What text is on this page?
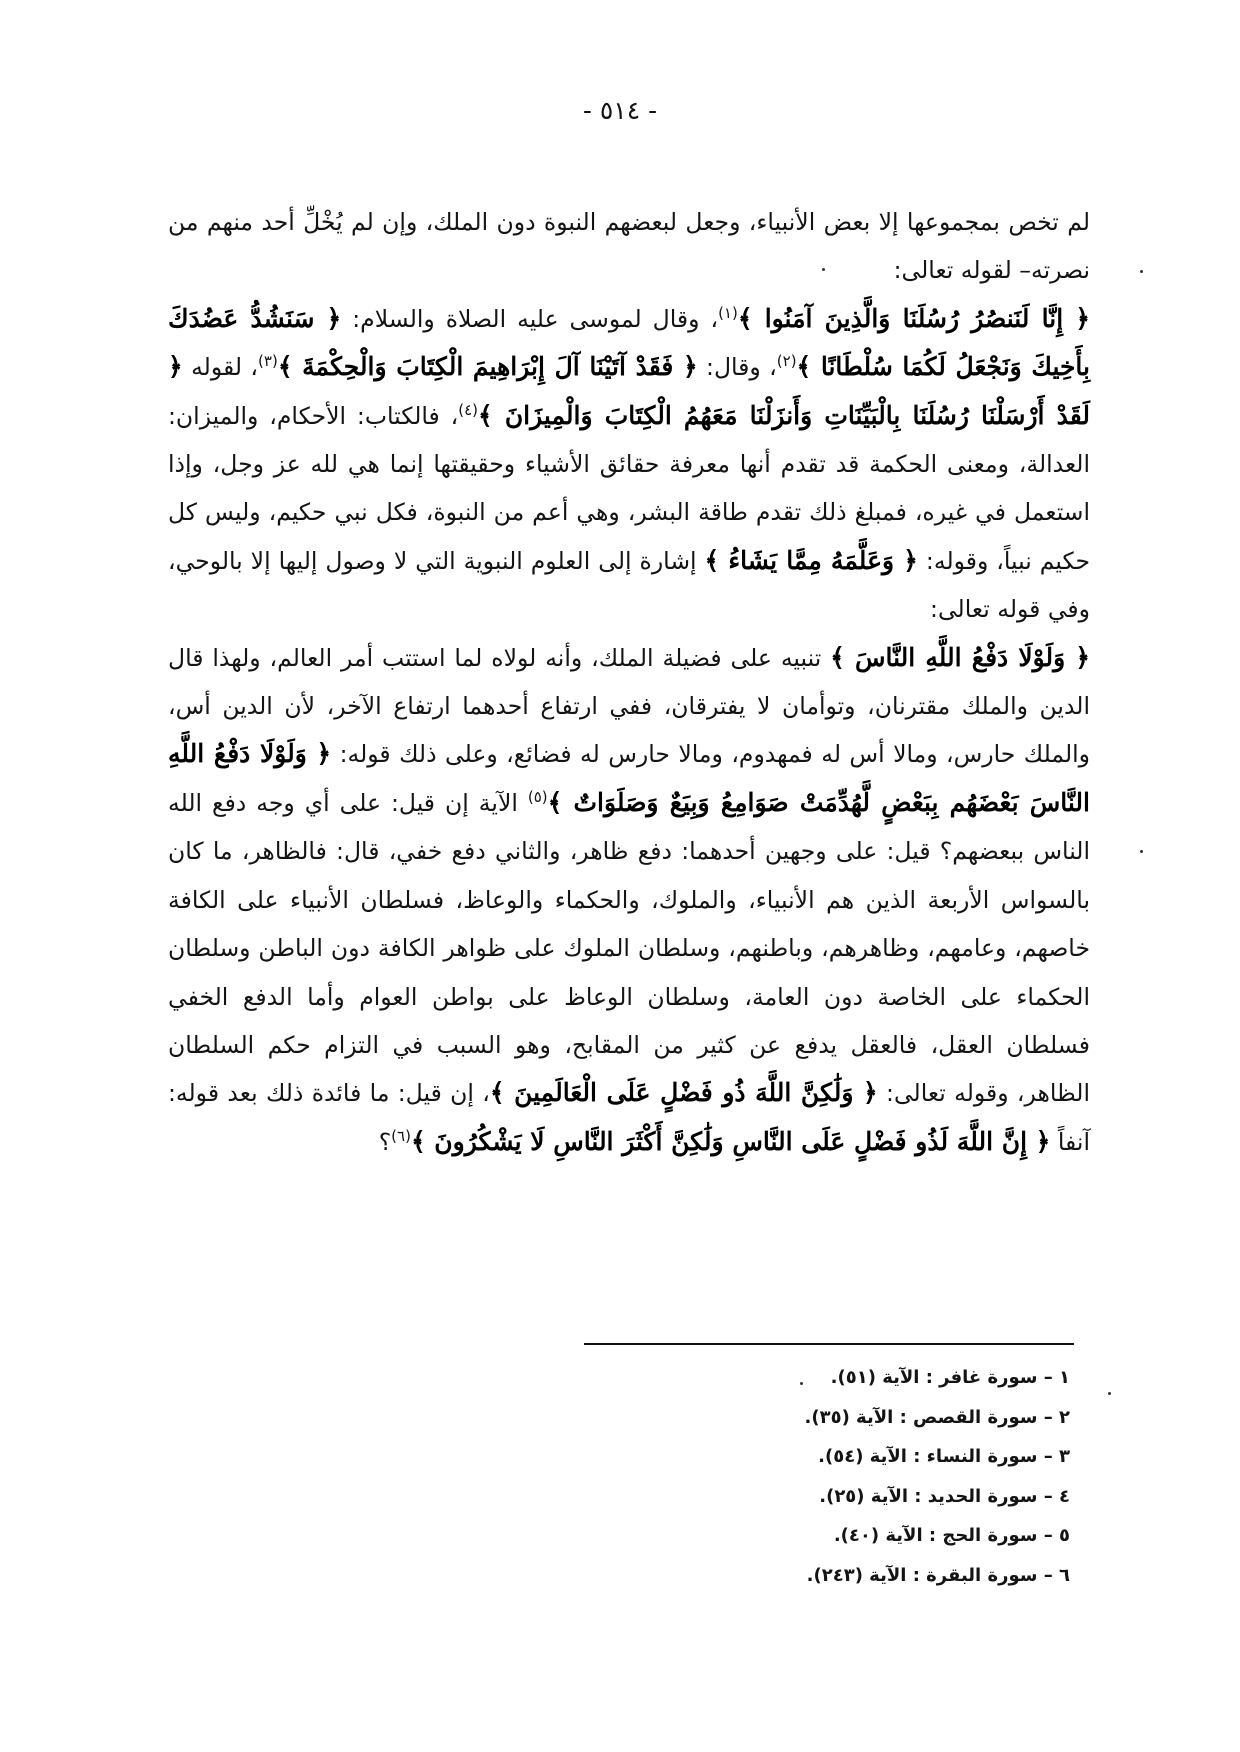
- ٥١٤ -
لم تخص بمجموعها إلا بعض الأنبياء، وجعل لبعضهم النبوة دون الملك، وإن لم يُخْلِّ أحد منهم من نصرته– لقوله تعالى:
﴿ إِنَّا لَنَنصُرُ رُسُلَنَا وَالَّذِينَ آمَنُوا ﴾$^{(١)}$، وقال لموسى عليه الصلاة والسلام: ﴿ سَنَشُدُّ عَضُدَكَ بِأَخِيكَ وَنَجْعَلُ لَكُمَا سُلْطَانًا ﴾$^{(٢)}$، وقال: ﴿ فَقَدْ آتَيْنَا آلَ إِبْرَاهِيمَ الْكِتَابَ وَالْحِكْمَةَ ﴾$^{(٣)}$، لقوله ﴿ لَقَدْ أَرْسَلْنَا رُسُلَنَا بِالْبَيِّنَاتِ وَأَنزَلْنَا مَعَهُمُ الْكِتَابَ وَالْمِيزَانَ ﴾$^{(٤)}$، فالكتاب: الأحكام، والميزان: العدالة، ومعنى الحكمة قد تقدم أنها معرفة حقائق الأشياء وحقيقتها إنما هي لله عز وجل، وإذا استعمل في غيره، فمبلغ ذلك تقدم طاقة البشر، وهي أعم من النبوة، فكل نبي حكيم، وليس كل حكيم نبياً، وقوله: ﴿ وَعَلَّمَهُ مِمَّا يَشَاءُ ﴾ إشارة إلى العلوم النبوية التي لا وصول إليها إلا بالوحي، وفي قوله تعالى:
﴿ وَلَوْلَا دَفْعُ اللَّهِ النَّاسَ ﴾ تنبيه على فضيلة الملك، وأنه لولاه لما استتب أمر العالم، ولهذا قال الدين والملك مقترنان، وتوأمان لا يفترقان، ففي ارتفاع أحدهما ارتفاع الآخر، لأن الدين أس، والملك حارس، ومالا أس له فمهدوم، ومالا حارس له فضائع، وعلى ذلك قوله: ﴿ وَلَوْلَا دَفْعُ اللَّهِ النَّاسَ بَعْضَهُم بِبَعْضٍ لَّهُدِّمَتْ صَوَامِعُ وَبِيَعٌ وَصَلَوَاتٌ ﴾$^{(٥)}$ الآية إن قيل: على أي وجه دفع الله الناس ببعضهم؟ قيل: على وجهين أحدهما: دفع ظاهر، والثاني دفع خفي، قال: فالظاهر، ما كان بالسواس الأربعة الذين هم الأنبياء، والملوك، والحكماء والوعاظ، فسلطان الأنبياء على الكافة خاصهم، وعامهم، وظاهرهم، وباطنهم، وسلطان الملوك على ظواهر الكافة دون الباطن وسلطان الحكماء على الخاصة دون العامة، وسلطان الوعاظ على بواطن العوام وأما الدفع الخفي فسلطان العقل، فالعقل يدفع عن كثير من المقابح، وهو السبب في التزام حكم السلطان الظاهر، وقوله تعالى: ﴿ وَلَٰكِنَّ اللَّهَ ذُو فَضْلٍ عَلَى الْعَالَمِينَ ﴾، إن قيل: ما فائدة ذلك بعد قوله: آنفاً ﴿ إِنَّ اللَّهَ لَذُو فَضْلٍ عَلَى النَّاسِ وَلَٰكِنَّ أَكْثَرَ النَّاسِ لَا يَشْكُرُونَ ﴾$^{(٦)}$؟
١ – سورة غافر : الآية (٥١).
٢ – سورة القصص : الآية (٣٥).
٣ – سورة النساء : الآية (٥٤).
٤ – سورة الحديد : الآية (٢٥).
٥ – سورة الحج : الآية (٤٠).
٦ – سورة البقرة : الآية (٢٤٣).
